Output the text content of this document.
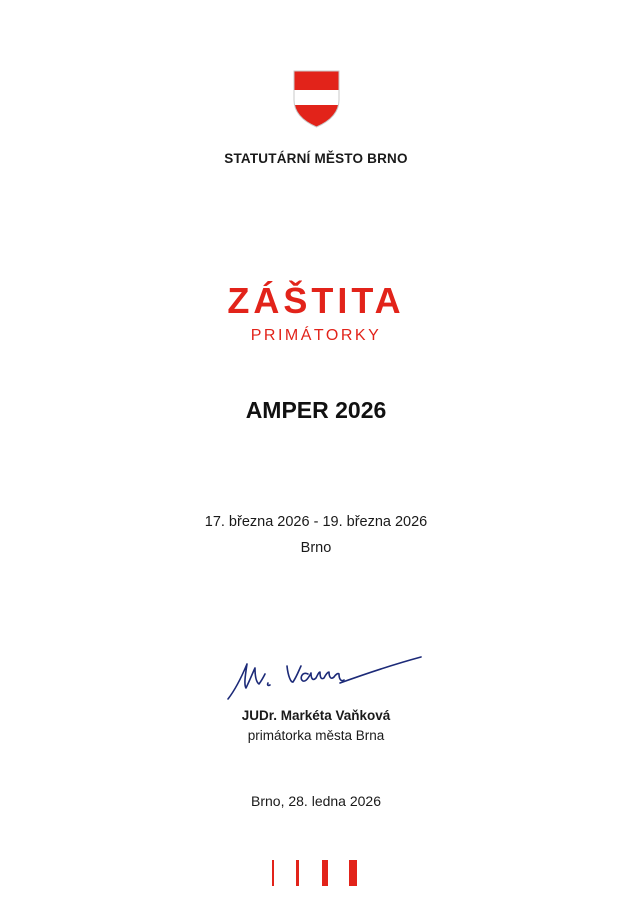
STATUTÁRNÍ MĚSTO BRNO
ZÁŠTITA
PRIMÁTORKY
AMPER 2026
17. března 2026 - 19. března 2026
Brno
JUDr. Markéta Vaňková
primátorka města Brna
Brno, 28. ledna 2026
